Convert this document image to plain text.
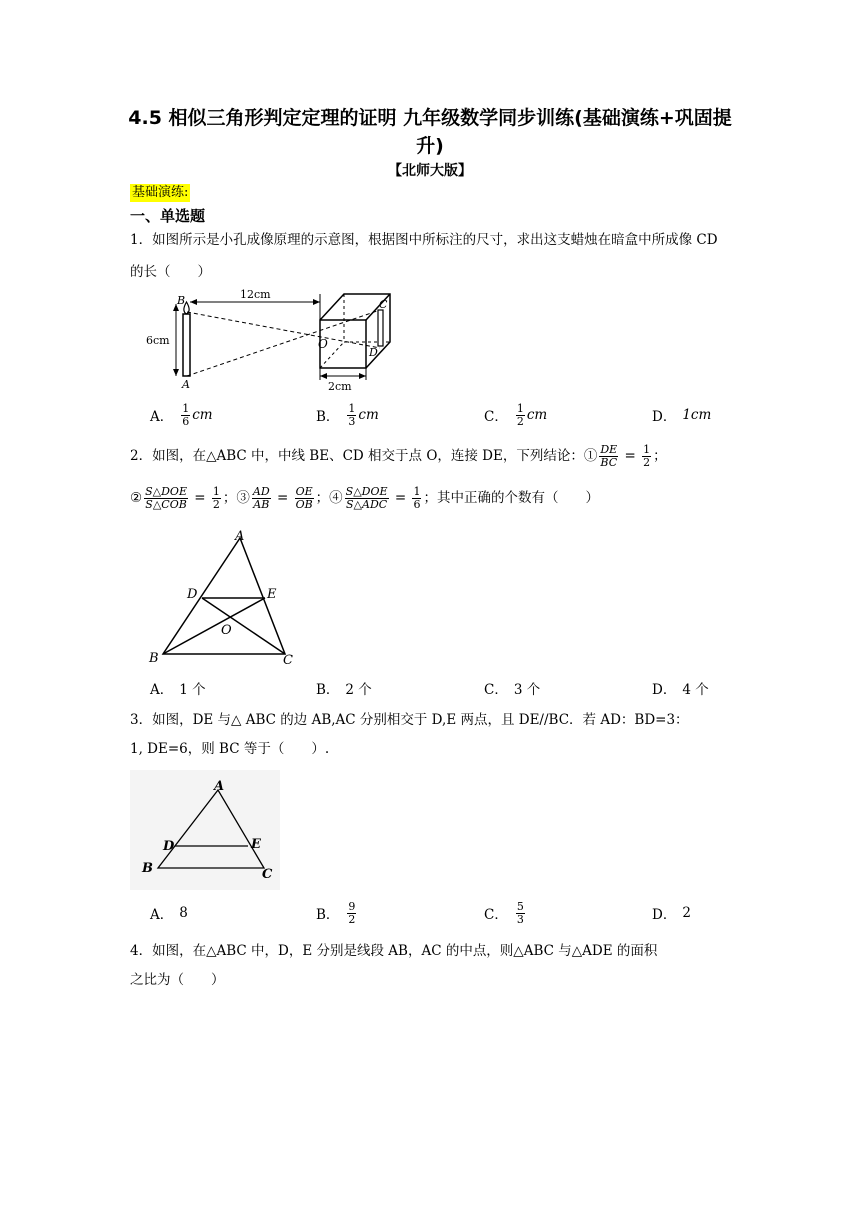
4.5 相似三角形判定定理的证明 九年级数学同步训练(基础演练+巩固提升)
【北师大版】
基础演练:
一、单选题
1．如图所示是小孔成像原理的示意图，根据图中所标注的尺寸，求出这支蜡烛在暗盒中所成像 CD 的长（　　）
B
A
O
C
D
12cm
6cm
2cm
A． $\frac{1}{6}$ cm	B． $\frac{1}{3}$ cm	C． $\frac{1}{2}$ cm	D． 1cm
2．如图，在△ABC 中，中线 BE、CD 相交于点 O，连接 DE，下列结论：① $\frac{DE}{BC} = \frac{1}{2}$ ；
② $\frac{\text{S△DOE}}{\text{S△COB}} = \frac{1}{2}$ ；③ $\frac{AD}{AB} = \frac{OE}{OB}$ ；④ $\frac{\text{S△DOE}}{\text{S△ADC}} = \frac{1}{6}$ ；其中正确的个数有（　　）
A
D	E
O
B	C
A． 1 个	B． 2 个	C． 3 个	D． 4 个
3．如图，DE 与△ ABC 的边 AB,AC 分别相交于 D,E 两点，且 DE//BC．若 AD：BD=3：
1, DE=6，则 BC 等于（　　）.
A
D	E
B	C
A． 8	B． $\frac{9}{2}$	C． $\frac{5}{3}$	D． 2
4．如图，在△ABC 中，D，E 分别是线段 AB，AC 的中点，则△ABC 与△ADE 的面积
之比为（　　）
